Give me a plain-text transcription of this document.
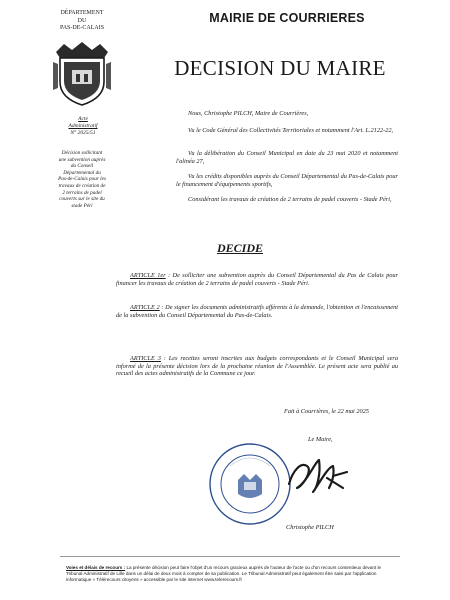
DÉPARTEMENT
DU
PAS-DE-CALAIS
Acte
Administratif
N° 2025/51
Décision sollicitant
une subvention auprès
du Conseil
Départemental du
Pas-de-Calais pour les
travaux de création de
2 terrains de padel
couverts sur le site du
stade Péri
MAIRIE DE COURRIERES
DECISION DU MAIRE
Nous, Christophe PILCH, Maire de Courrières,
Vu le Code Général des Collectivités Territoriales et notamment l'Art. L.2122-22,
Vu la délibération du Conseil Municipal en date du 23 mai 2020 et notamment l'alinéa 27,
Vu les crédits disponibles auprès du Conseil Départemental du Pas-de-Calais pour le financement d'équipements sportifs,
Considérant les travaux de création de 2 terrains de padel couverts - Stade Péri,
DECIDE
ARTICLE 1er : De solliciter une subvention auprès du Conseil Départemental du Pas de Calais pour financer les travaux de création de 2 terrains de padel couverts - Stade Péri.
ARTICLE 2 : De signer les documents administratifs afférents à la demande, l'obtention et l'encaissement de la subvention du Conseil Départemental du Pas-de-Calais.
ARTICLE 3 : Les recettes seront inscrites aux budgets correspondants et le Conseil Municipal sera informé de la présente décision lors de la prochaine réunion de l'Assemblée. Le présent acte sera publié au recueil des actes administratifs de la Commune ce jour.
Fait à Courrières, le 22 mai 2025
Le Maire,
Christophe PILCH
Voies et délais de recours : La présente décision peut faire l'objet d'un recours gracieux auprès de l'auteur de l'acte ou d'un recours contentieux devant le Tribunal Administratif de Lille dans un délai de deux mois à compter de sa publication. Le Tribunal Administratif peut également être saisi par l'application informatique « Télérecours citoyens » accessible par le site internet www.telerecours.fr
